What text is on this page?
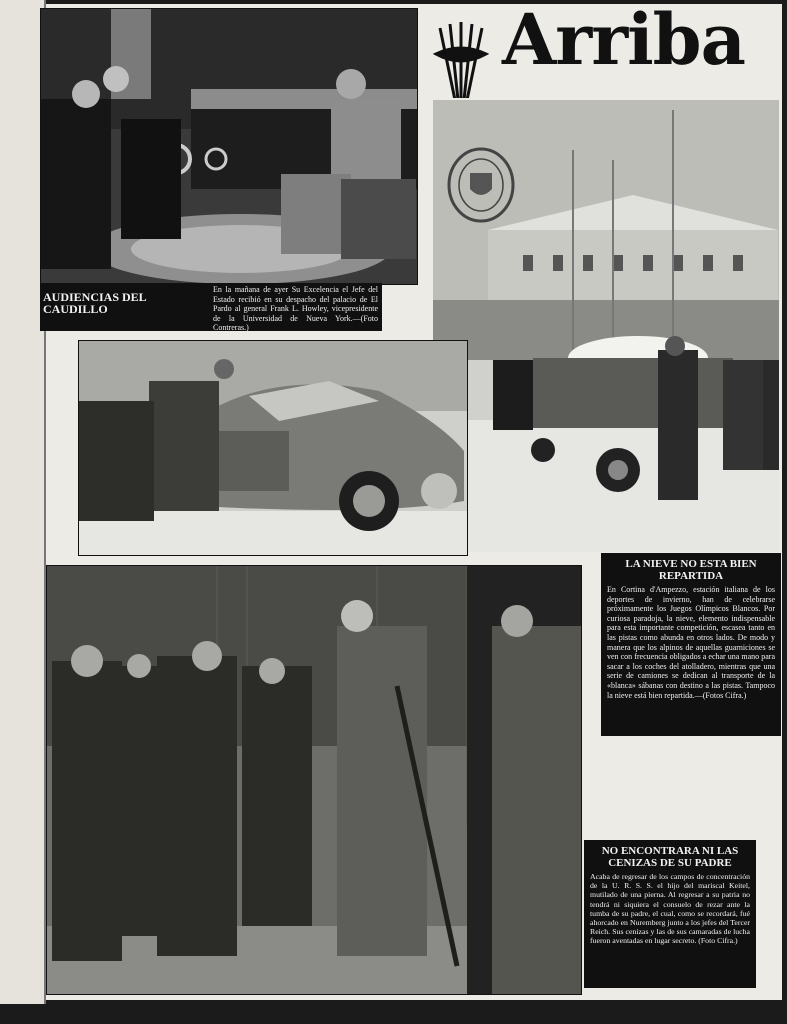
AUDIENCIAS DEL CAUDILLO
En la mañana de ayer Su Excelencia el Jefe del Estado recibió en su despacho del palacio de El Pardo al general Frank L. Howley, vicepresidente de la Universidad de Nueva York.—(Foto Contreras.)
Arriba
LA NIEVE NO ESTA BIEN REPARTIDA
En Cortina d'Ampezzo, estación italiana de los deportes de invierno, han de celebrarse próximamente los Juegos Olímpicos Blancos. Por curiosa paradoja, la nieve, elemento indispensable para esta importante competición, escasea tanto en las pistas como abunda en otros lados. De modo y manera que los alpinos de aquellas guarniciones se ven con frecuencia obligados a echar una mano para sacar a los coches del atolladero, mientras que una serie de camiones se dedican al transporte de la «blanca» sábanas con destino a las pistas. Tampoco la nieve está bien repartida.—(Fotos Cifra.)
NO ENCONTRARA NI LAS CENIZAS DE SU PADRE
Acaba de regresar de los campos de concentración de la U. R. S. S. el hijo del mariscal Keitel, mutilado de una pierna. Al regresar a su patria no tendrá ni siquiera el consuelo de rezar ante la tumba de su padre, el cual, como se recordará, fué ahorcado en Nuremberg junto a los jefes del Tercer Reich. Sus cenizas y las de sus camaradas de lucha fueron aventadas en lugar secreto. (Foto Cifra.)
